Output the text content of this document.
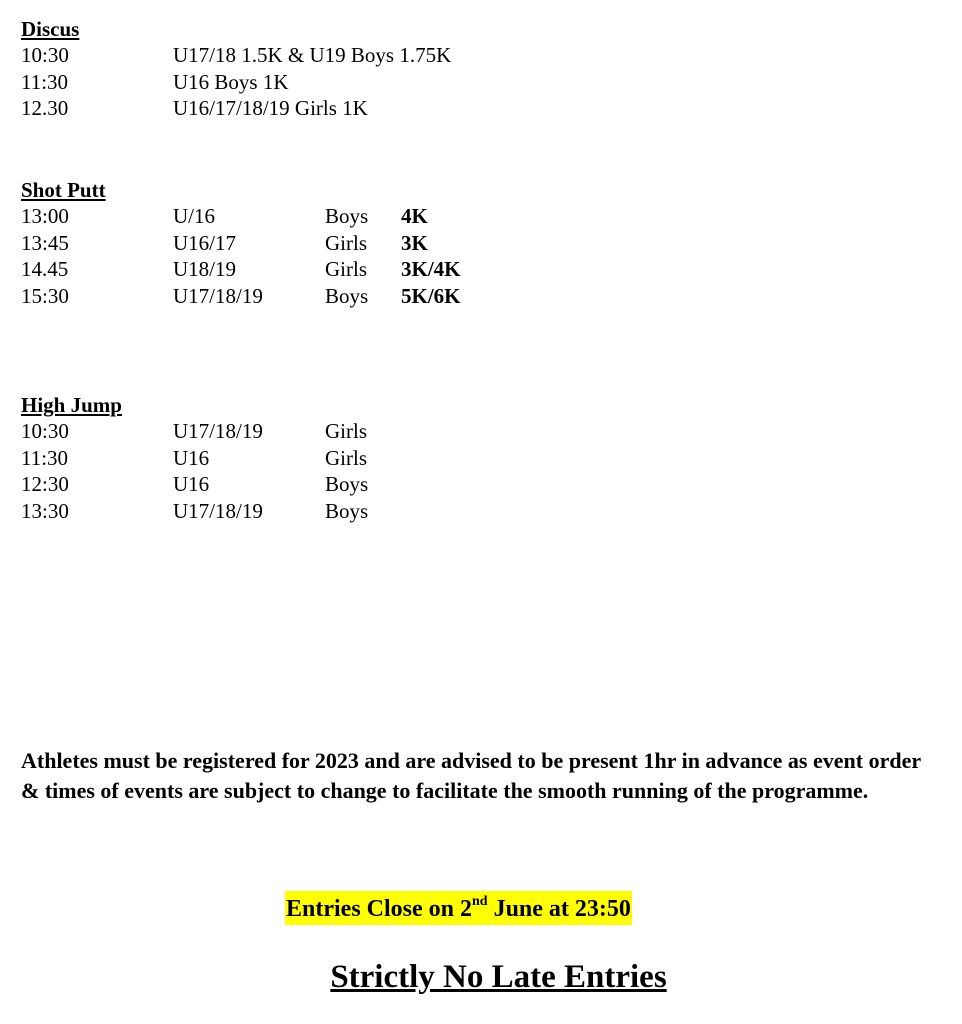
Discus
10:30	U17/18 1.5K & U19 Boys 1.75K
11:30	U16 Boys 1K
12.30	U16/17/18/19 Girls 1K
Shot Putt
13:00	U/16	Boys 4K
13:45	U16/17	Girls 3K
14.45	U18/19	Girls 3K/4K
15:30	U17/18/19	Boys 5K/6K
High Jump
10:30	U17/18/19	Girls
11:30	U16	Girls
12:30	U16	Boys
13:30	U17/18/19	Boys
Athletes must be registered for 2023 and are advised to be present 1hr in advance as event order & times of events are subject to change to facilitate the smooth running of the programme.
Entries Close on 2nd June at 23:50
Strictly No Late Entries
